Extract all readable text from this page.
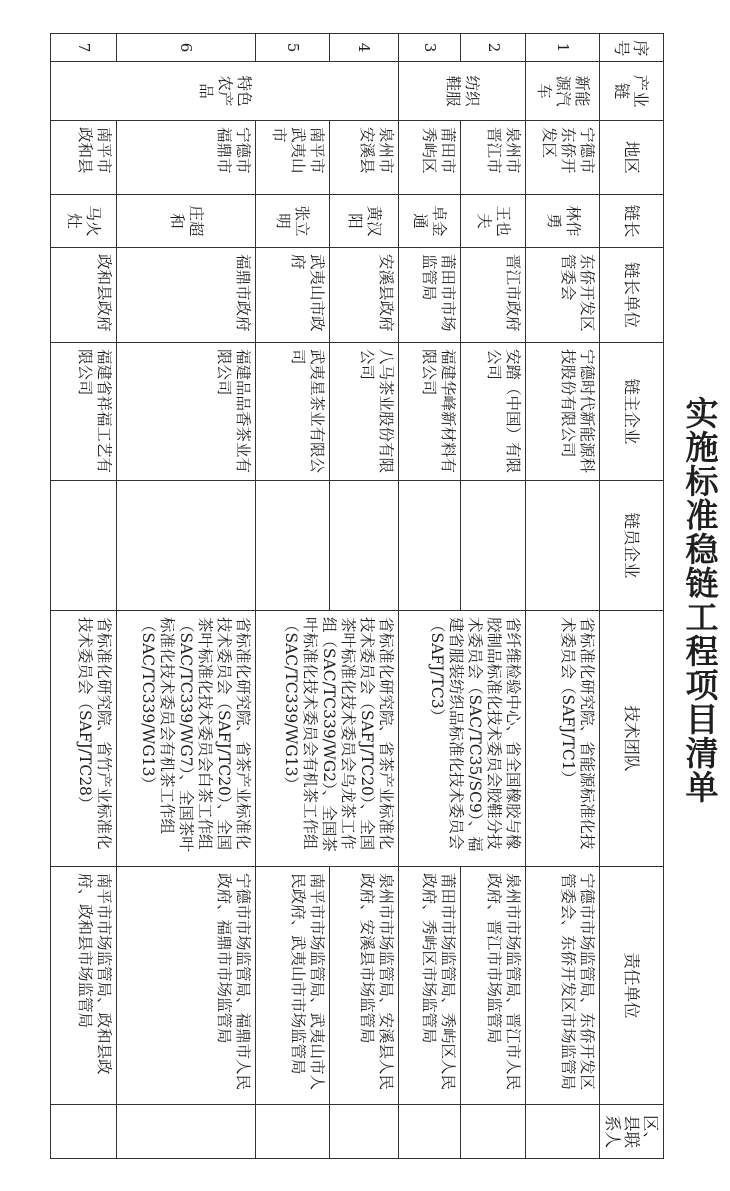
实施标准稳链工程项目清单
序号	产业链	地区	链长	链长单位	链主企业	链员企业	技术团队	责任单位	区、县联系人
1	新能源汽车	宁德市东侨开发区	林作勇	东侨开发区管委会	宁德时代新能源科技股份有限公司		省标准化研究院、省能源标准化技术委员会（SAFJ/TC1）	宁德市市场监管局、东侨开发区管委会、东侨开发区市场监管局	
2	纺织鞋服	泉州市晋江市	王也夫	晋江市政府	安踏（中国）有限公司		省纤维检验中心、省全国橡胶与橡胶制品标准化技术委员会胶鞋分技术委员会（SAC/TC35/SC9）、福建省服装纺织品标准化技术委员会（SAFJ/TC3）	泉州市市场监管局、晋江市人民政府、晋江市市场监管局	
3		莆田市秀屿区	卓金通	莆田市市场监管局	福建华峰新材料有限公司			莆田市市场监管局、秀屿区人民政府、秀屿区市场监管局	
4	特色农产品	泉州市安溪县	黄汉阳	安溪县政府	八马茶业股份有限公司		省标准化研究院、省茶产业标准化技术委员会（SAFJ/TC20）、全国茶叶标准化技术委员会乌龙茶工作组（SAC/TC339/WG2）、全国茶叶标准化技术委员会有机茶工作组（SAC/TC339/WG13）	泉州市市场监管局、安溪县人民政府、安溪县市场监管局	
5		南平市武夷山市	张立明	武夷山市政府	武夷星茶业有限公司			南平市市场监管局、武夷山市人民政府、武夷山市市场监管局	
6		宁德市福鼎市	庄超和	福鼎市政府	福建品品香茶业有限公司		省标准化研究院、省茶产业标准化技术委员会（SAFJ/TC20）、全国茶叶标准化技术委员会白茶工作组（SAC/TC339/WG7）、全国茶叶标准化技术委员会有机茶工作组（SAC/TC339/WG13）	宁德市市场监管局、福鼎市人民政府、福鼎市市场监管局	
7		南平市政和县	马火灶	政和县政府	福建省祥福工艺有限公司		省标准化研究院、省竹产业标准化技术委员会（SAFJ/TC28）	南平市市场监管局、政和县政府、政和县市场监管局	
